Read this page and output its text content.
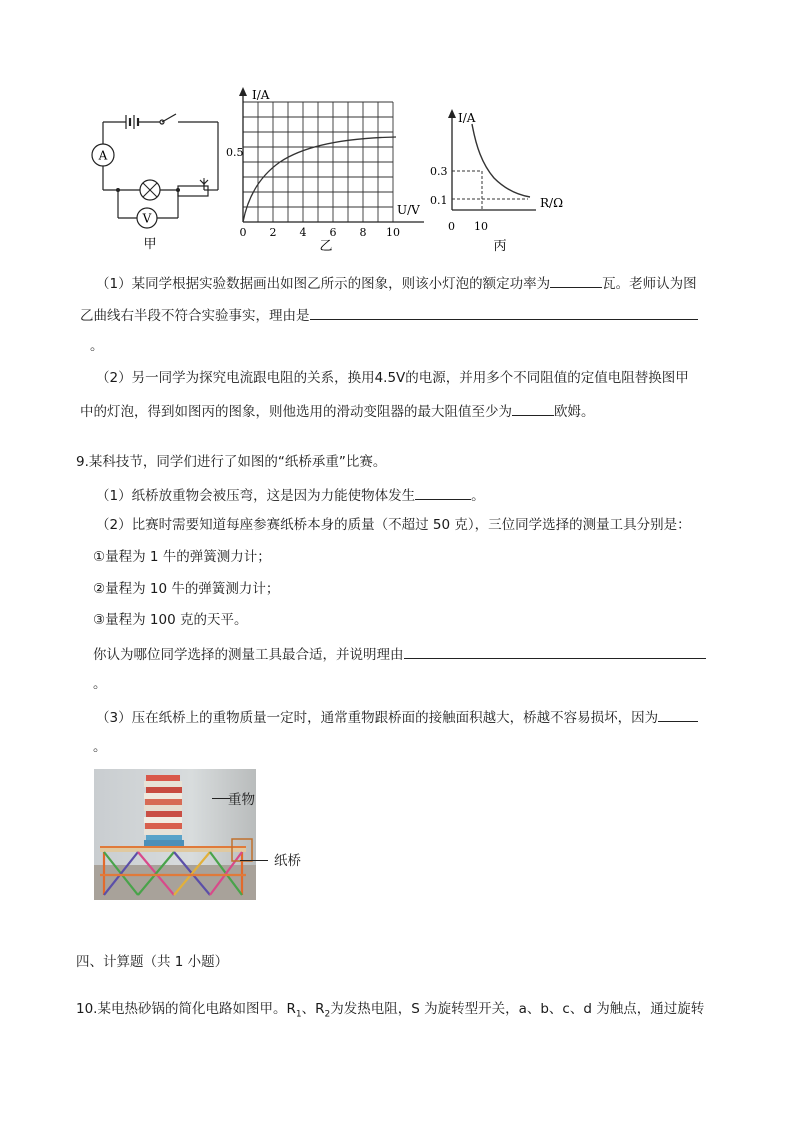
A
V
甲
I/A
U/V
0.5
0 2 4 6 8 10
乙
I/A
R/Ω
0.3
0.1
0 10
丙
（1）某同学根据实验数据画出如图乙所示的图象，则该小灯泡的额定功率为	瓦。老师认为图
乙曲线右半段不符合实验事实，理由是
。
（2）另一同学为探究电流跟电阻的关系，换用4.5V的电源，并用多个不同阻值的定值电阻替换图甲
中的灯泡，得到如图丙的图象，则他选用的滑动变阻器的最大阻值至少为	欧姆。
9.某科技节，同学们进行了如图的“纸桥承重”比赛。
（1）纸桥放重物会被压弯，这是因为力能使物体发生	。
（2）比赛时需要知道每座参赛纸桥本身的质量（不超过 50 克），三位同学选择的测量工具分别是：
①量程为 1 牛的弹簧测力计；
②量程为 10 牛的弹簧测力计；
③量程为 100 克的天平。
你认为哪位同学选择的测量工具最合适，并说明理由
。
（3）压在纸桥上的重物质量一定时，通常重物跟桥面的接触面积越大，桥越不容易损坏，因为
。
重物
纸桥
四、计算题（共 1 小题）
10.某电热砂锅的简化电路如图甲。$R_1$、$R_2$为发热电阻，S 为旋转型开关，a、b、c、d 为触点，通过旋转
